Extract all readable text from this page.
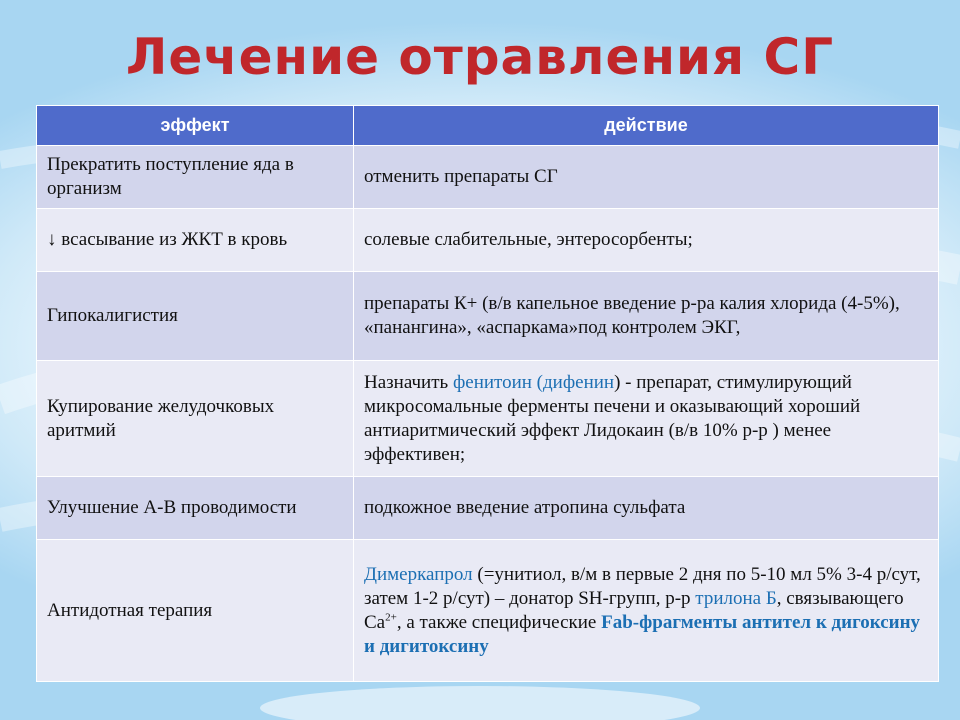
Лечение отравления СГ
эффект	действие
Прекратить поступление яда в организм	отменить препараты СГ
↓ всасывание из ЖКТ в кровь	солевые слабительные, энтеросорбенты;
Гипокалигистия	препараты К+ (в/в капельное введение р-ра калия хлорида (4-5%), «панангина», «аспаркама»под контролем ЭКГ,
Купирование желудочковых аритмий	Назначить фенитоин (дифенин) - препарат, стимулирующий микросомальные ферменты печени и оказывающий хороший антиаритмический эффект Лидокаин (в/в 10% р-р ) менее эффективен;
Улучшение А-В проводимости	подкожное введение атропина сульфата
Антидотная терапия	Димеркапрол (=унитиол, в/м в первые 2 дня по 5-10 мл 5% 3-4 р/сут, затем 1-2 р/сут) – донатор SH-групп, р-р трилона Б, связывающего $Са^{2+}$, а также специфические Fab-фрагменты антител к дигоксину и дигитоксину
